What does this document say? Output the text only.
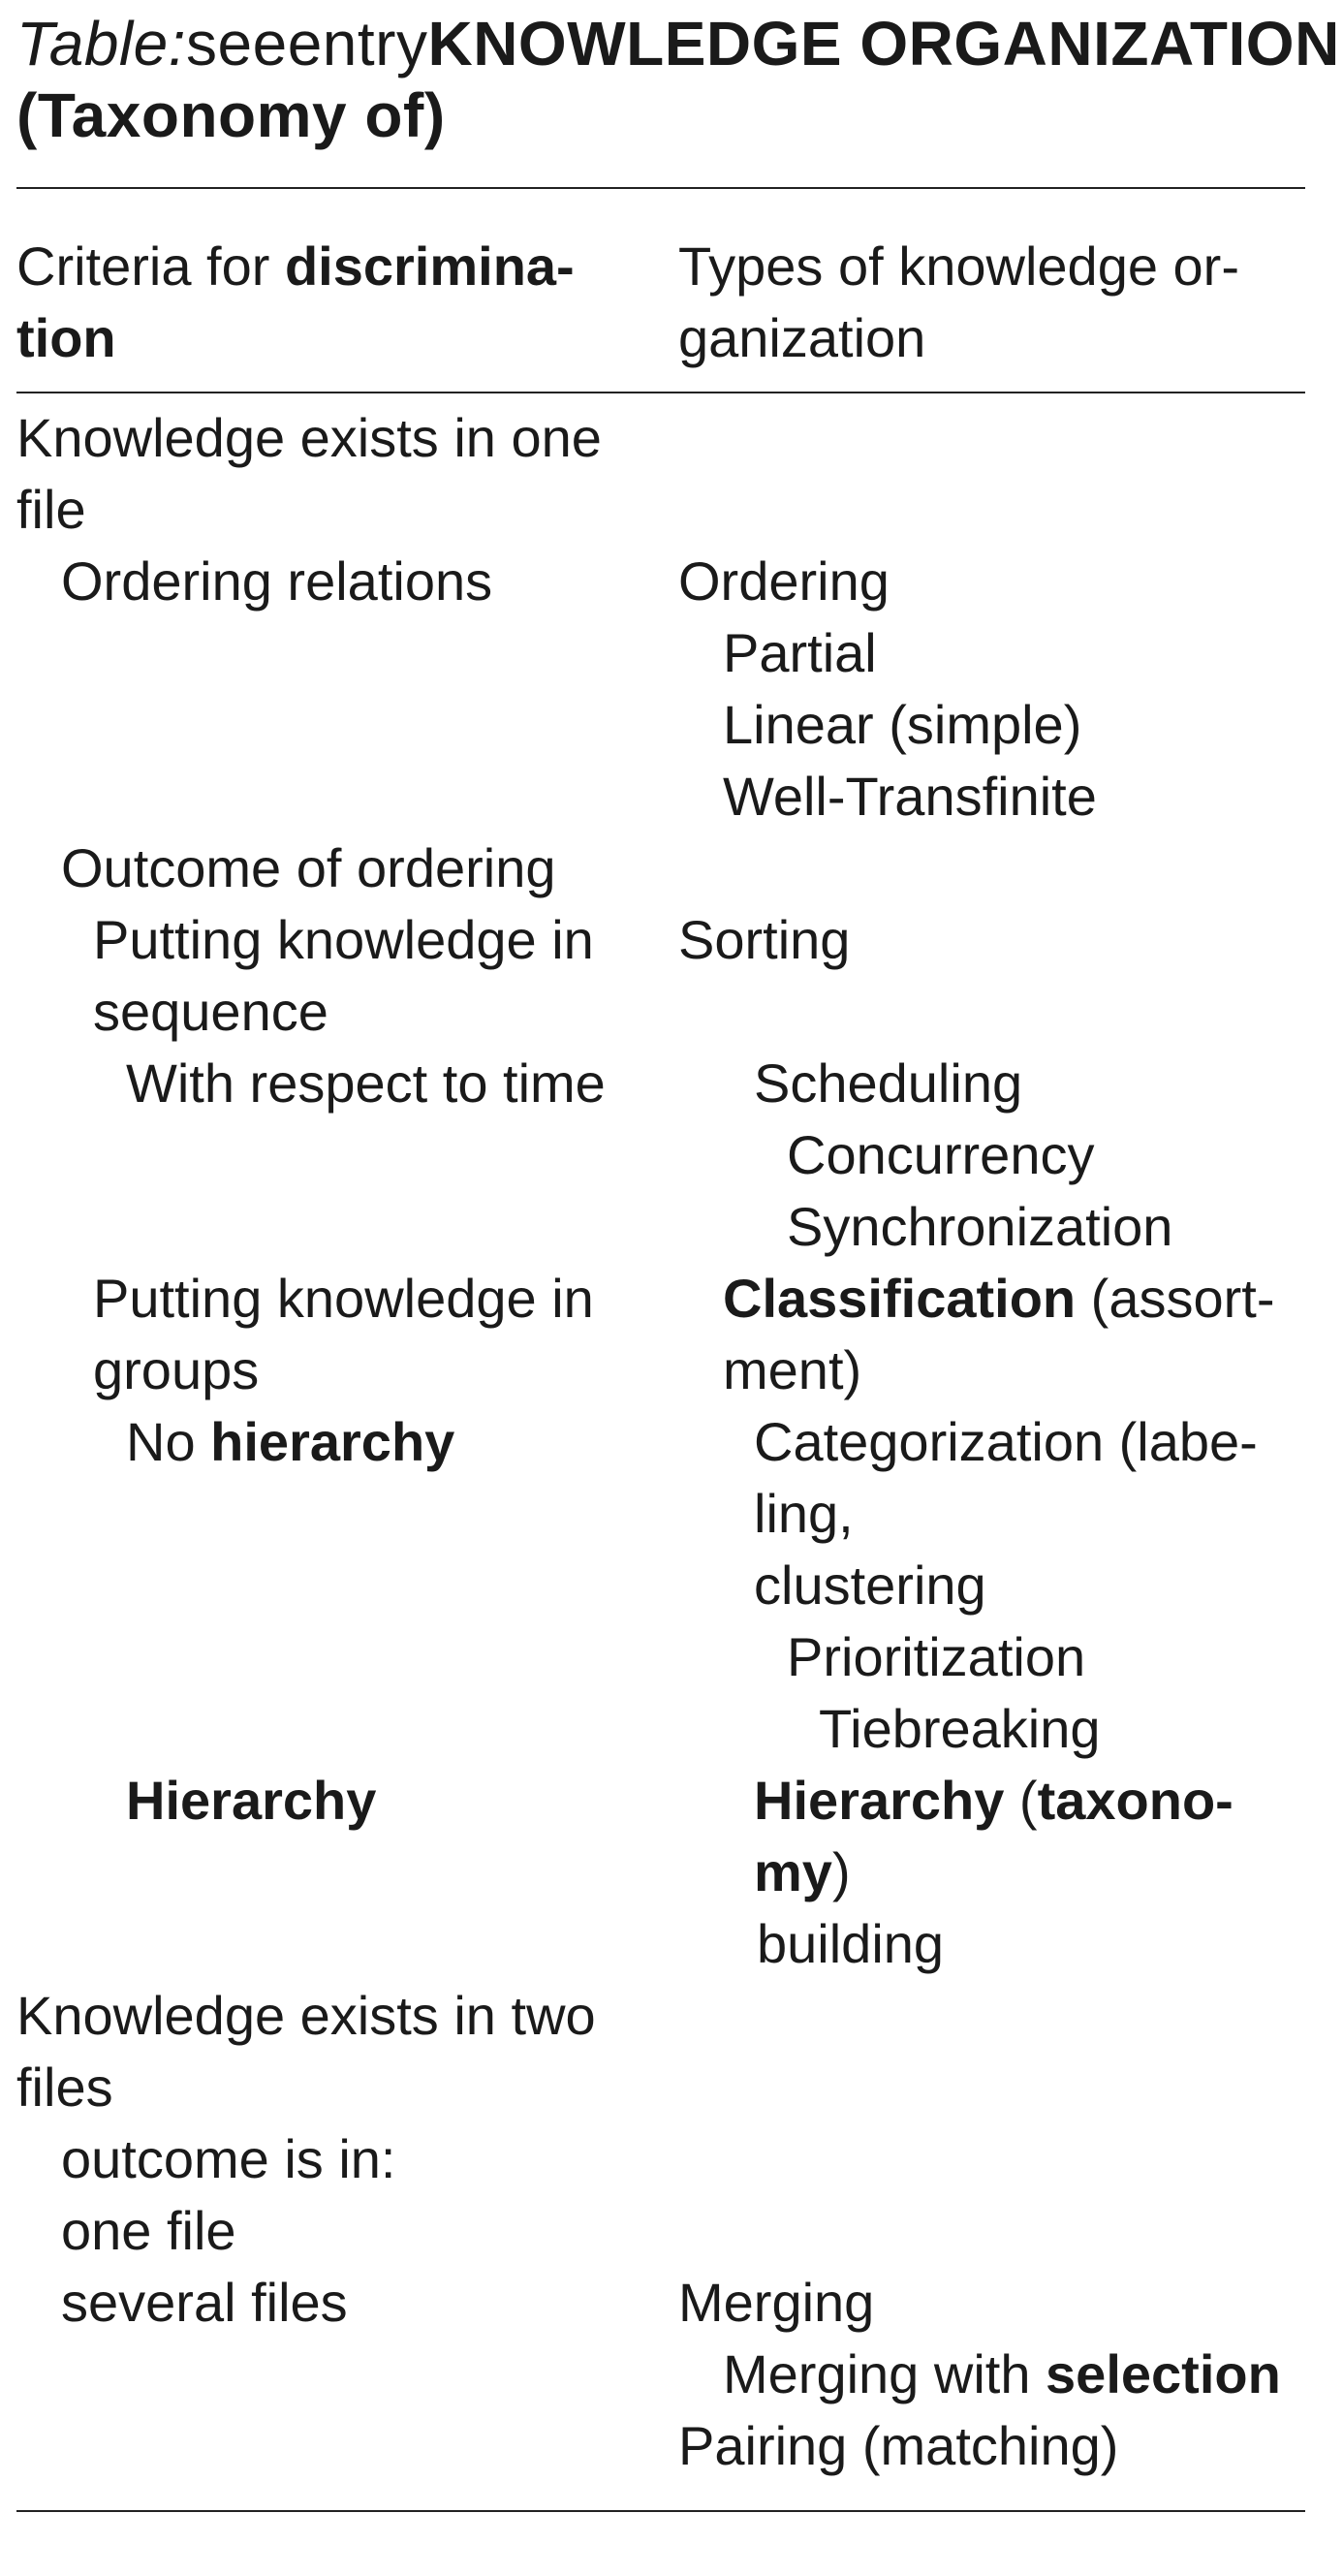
Table: see entry KNOWLEDGE ORGANIZATION
(Taxonomy of)
Criteria for discrimina-
tion
Types of knowledge or-
ganization
Knowledge exists in one
file
Ordering relations
Outcome of ordering
Putting knowledge in
sequence
With respect to time
Putting knowledge in
groups
No hierarchy
Hierarchy
Knowledge exists in two
files
outcome is in:
one file
several files
Ordering
Partial
Linear (simple)
Well-Transfinite
Sorting
Scheduling
Concurrency
Synchronization
Classification (assort-
ment)
Categorization (labe-
ling,
clustering
Prioritization
Tiebreaking
Hierarchy (taxono-
my)
building
Merging
Merging with selection
Pairing (matching)
